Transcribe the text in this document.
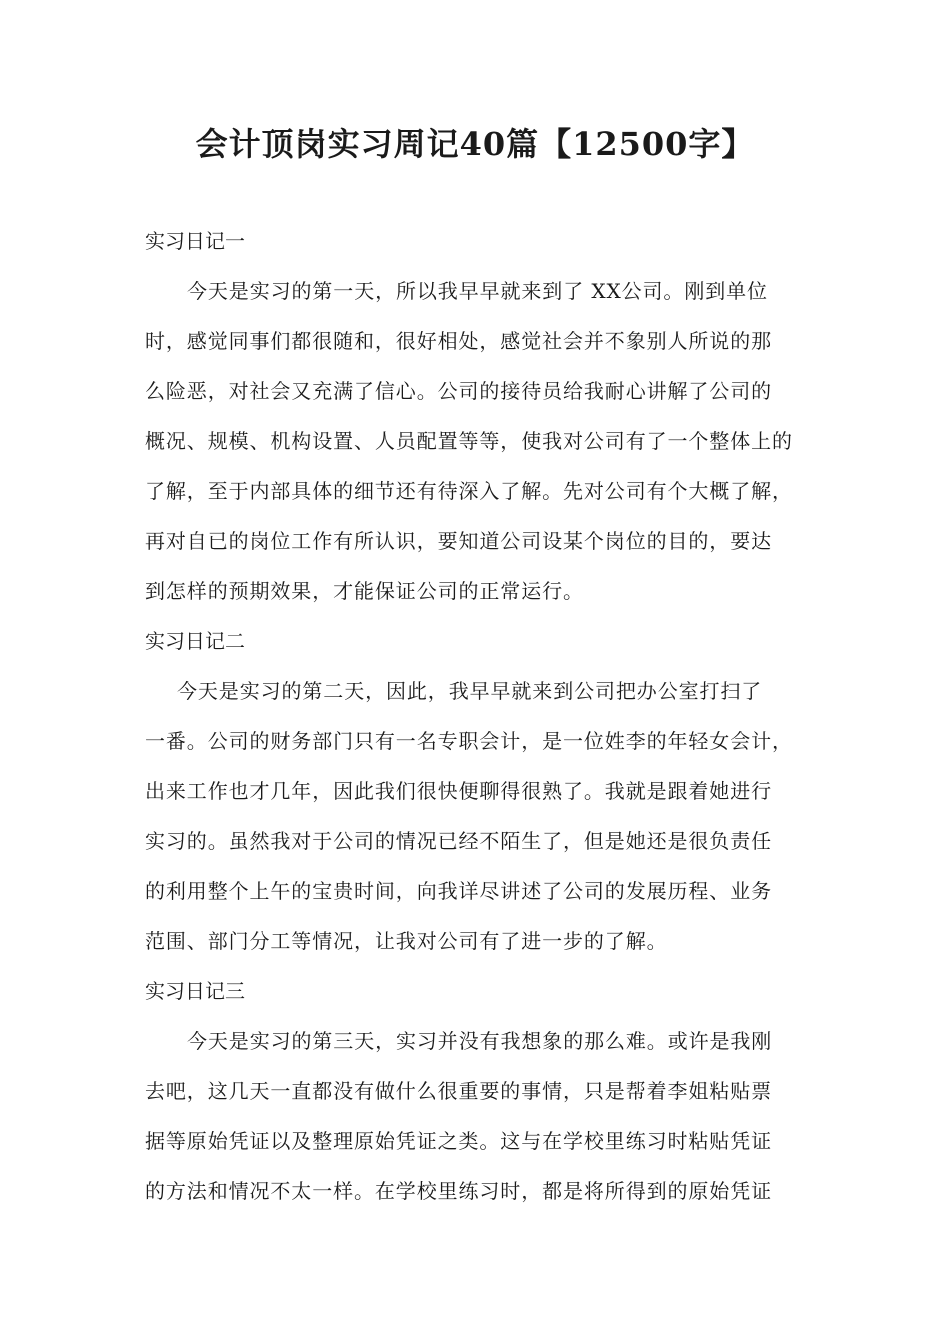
会计顶岗实习周记40篇【12500字】

实习日记一

今天是实习的第一天，所以我早早就来到了 XX公司。刚到单位
时，感觉同事们都很随和，很好相处，感觉社会并不象别人所说的那
么险恶，对社会又充满了信心。公司的接待员给我耐心讲解了公司的
概况、规模、机构设置、人员配置等等，使我对公司有了一个整体上的
了解，至于内部具体的细节还有待深入了解。先对公司有个大概了解，
再对自已的岗位工作有所认识，要知道公司设某个岗位的目的，要达
到怎样的预期效果，才能保证公司的正常运行。

实习日记二

今天是实习的第二天，因此，我早早就来到公司把办公室打扫了
一番。公司的财务部门只有一名专职会计，是一位姓李的年轻女会计，
出来工作也才几年，因此我们很快便聊得很熟了。我就是跟着她进行
实习的。虽然我对于公司的情况已经不陌生了，但是她还是很负责任
的利用整个上午的宝贵时间，向我详尽讲述了公司的发展历程、业务
范围、部门分工等情况，让我对公司有了进一步的了解。

实习日记三

今天是实习的第三天，实习并没有我想象的那么难。或许是我刚
去吧，这几天一直都没有做什么很重要的事情，只是帮着李姐粘贴票
据等原始凭证以及整理原始凭证之类。这与在学校里练习时粘贴凭证
的方法和情况不太一样。在学校里练习时，都是将所得到的原始凭证
